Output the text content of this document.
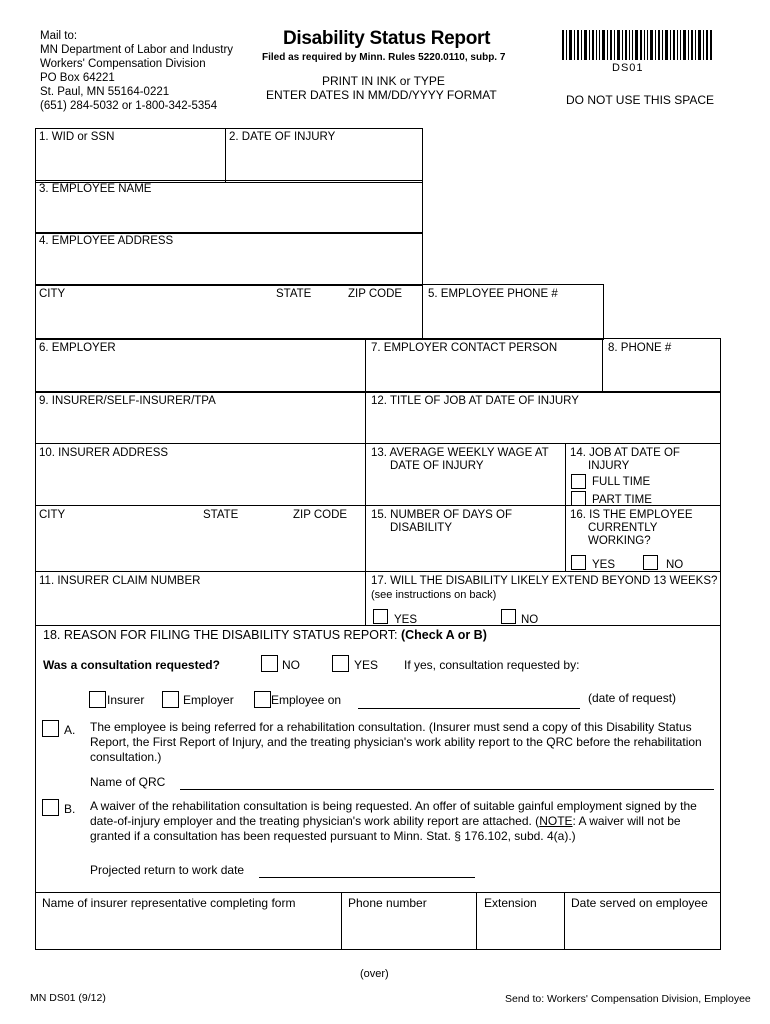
Mail to:
MN Department of Labor and Industry
Workers' Compensation Division
PO Box 64221
St. Paul, MN 55164-0221
(651) 284-5032 or 1-800-342-5354
Disability Status Report
Filed as required by Minn. Rules 5220.0110, subp. 7
PRINT IN INK or TYPE
ENTER DATES IN MM/DD/YYYY FORMAT
DS01
DO NOT USE THIS SPACE
1. WID or SSN	2. DATE OF INJURY
3. EMPLOYEE NAME
4. EMPLOYEE ADDRESS
CITY	STATE	ZIP CODE 5. EMPLOYEE PHONE #
6. EMPLOYER	7. EMPLOYER CONTACT PERSON	8. PHONE #
9. INSURER/SELF-INSURER/TPA	12. TITLE OF JOB AT DATE OF INJURY
10. INSURER ADDRESS	13. AVERAGE WEEKLY WAGE AT
DATE OF INJURY
14. JOB AT DATE OF
INJURY
FULL TIME
PART TIME
CITY	STATE	ZIP CODE 15. NUMBER OF DAYS OF
DISABILITY
16. IS THE EMPLOYEE
CURRENTLY
WORKING?
YES	NO
11. INSURER CLAIM NUMBER	17. WILL THE DISABILITY LIKELY EXTEND BEYOND 13 WEEKS?
(see instructions on back)
YES	NO
18. REASON FOR FILING THE DISABILITY STATUS REPORT: (Check A or B)
Was a consultation requested?	NO	YES If yes, consultation requested by:
Insurer	Employer	Employee on	(date of request)
A. The employee is being referred for a rehabilitation consultation. (Insurer must send a copy of this Disability Status Report, the First Report of Injury, and the treating physician's work ability report to the QRC before the rehabilitation consultation.)
Name of QRC
B. A waiver of the rehabilitation consultation is being requested. An offer of suitable gainful employment signed by the date-of-injury employer and the treating physician's work ability report are attached. (NOTE: A waiver will not be granted if a consultation has been requested pursuant to Minn. Stat. § 176.102, subd. 4(a).)
Projected return to work date
Name of insurer representative completing form	Phone number	Extension	Date served on employee
(over)
MN DS01 (9/12)	Send to: Workers' Compensation Division, Employee
